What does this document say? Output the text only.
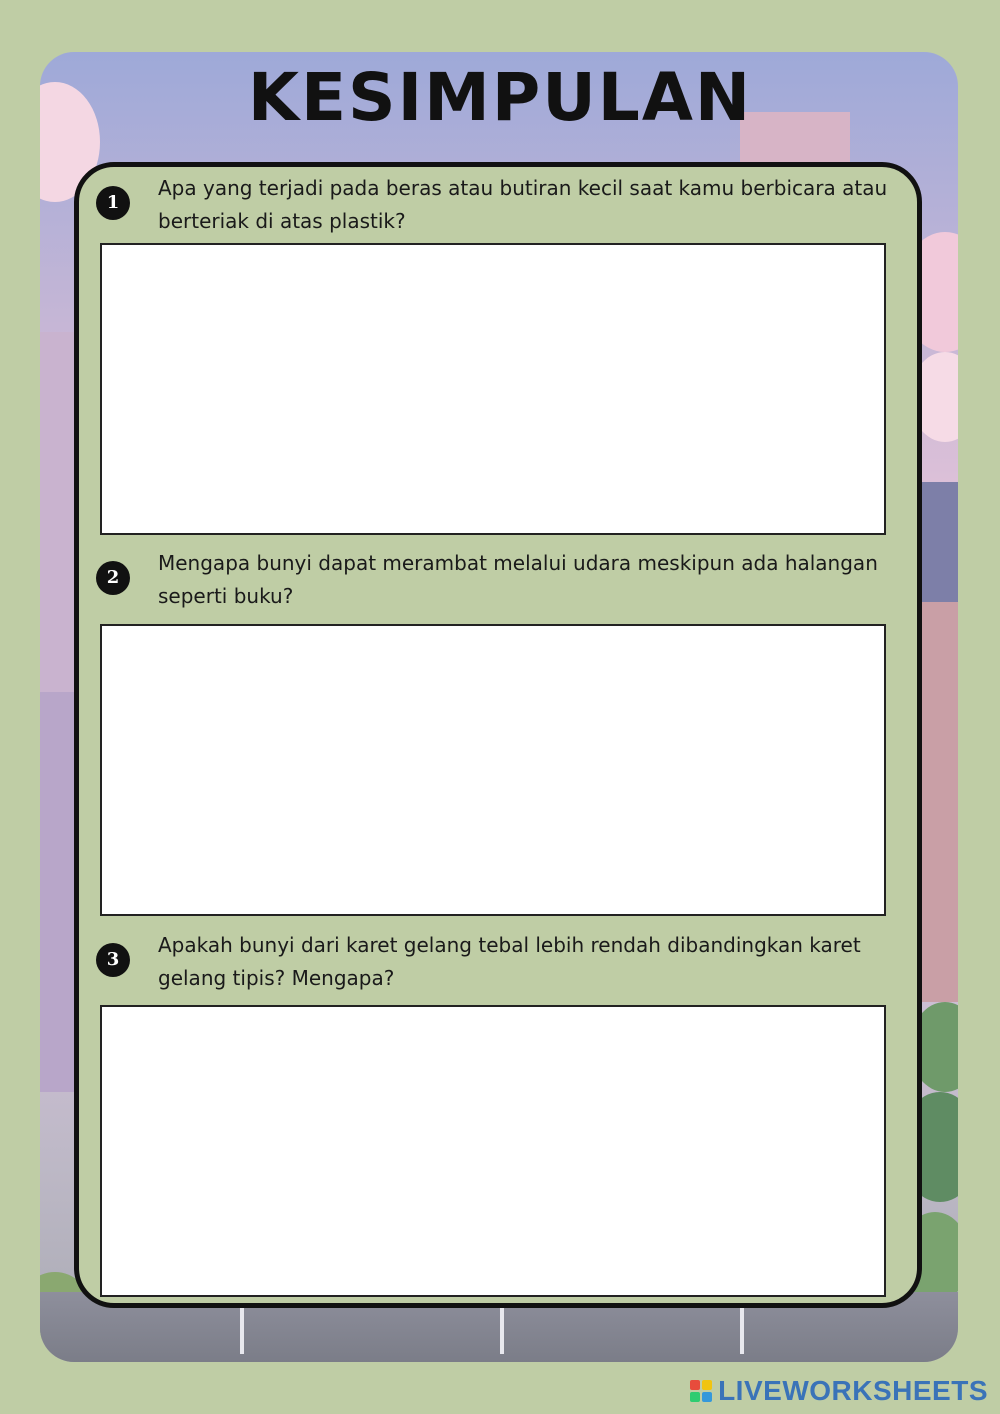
KESIMPULAN
1

Apa yang terjadi pada beras atau butiran kecil saat kamu berbicara atau berteriak di atas plastik?

2

Mengapa bunyi dapat merambat melalui udara meskipun ada halangan seperti buku?

3

Apakah bunyi dari karet gelang tebal lebih rendah dibandingkan karet gelang tipis? Mengapa?

LIVEWORKSHEETS
